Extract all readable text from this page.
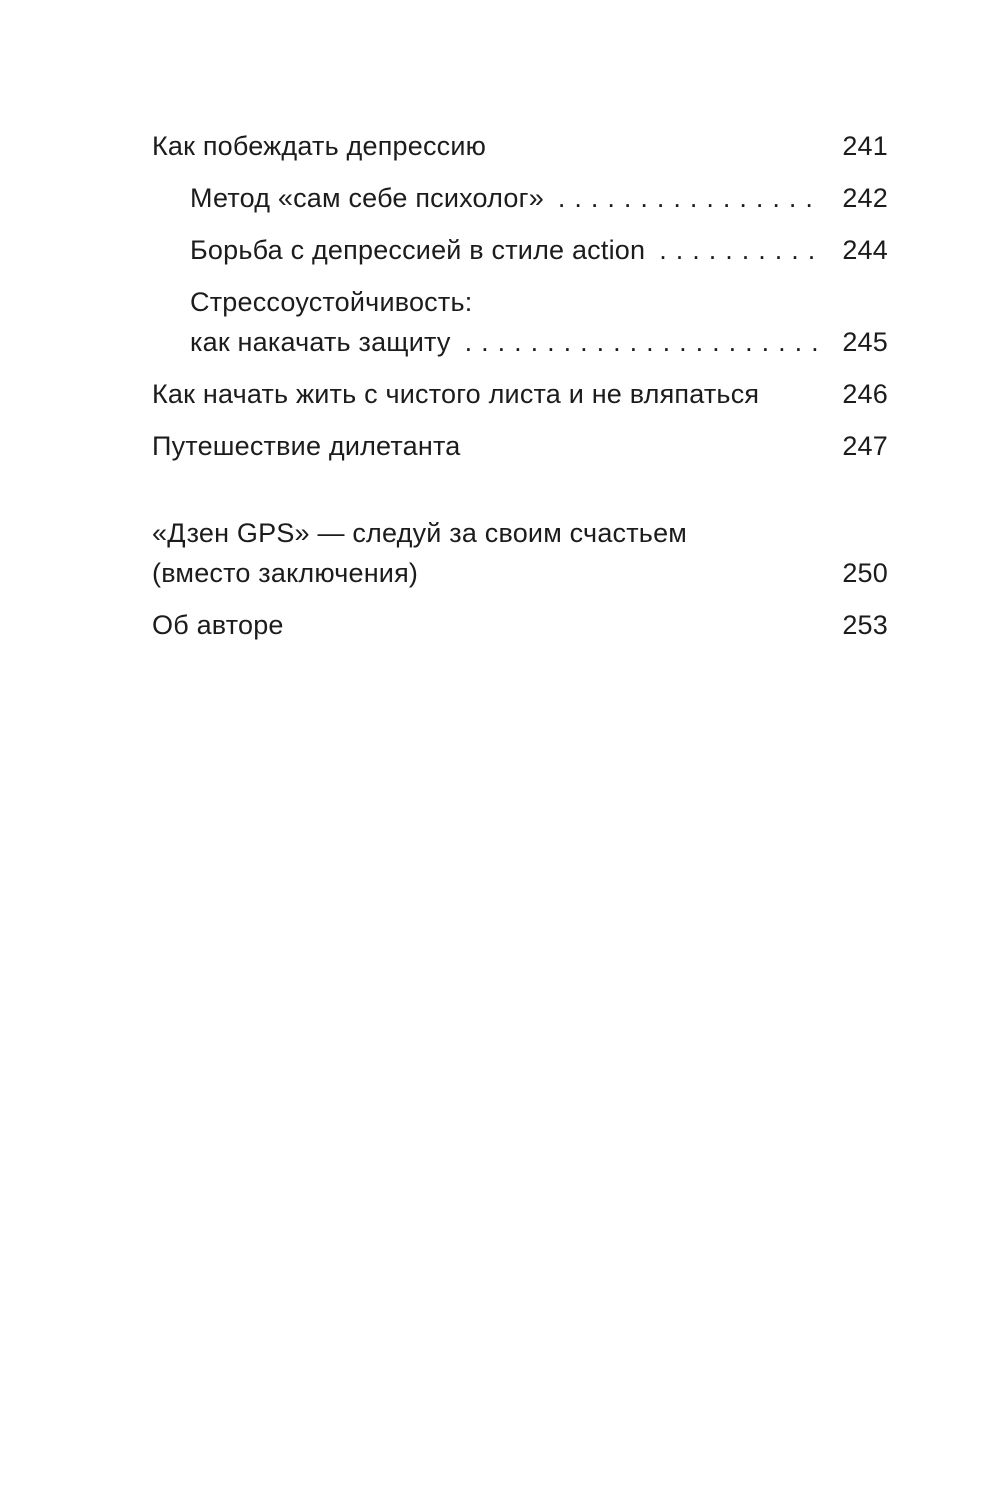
Как побеждать депрессию	241
Метод «сам себе психолог» .....	242
Борьба с депрессией в стиле action .....	244
Стрессоустойчивость:
как накачать защиту .....	245
Как начать жить с чистого листа и не вляпаться	246
Путешествие дилетанта	247
«Дзен GPS» — следуй за своим счастьем
(вместо заключения)	250
Об авторе	253
